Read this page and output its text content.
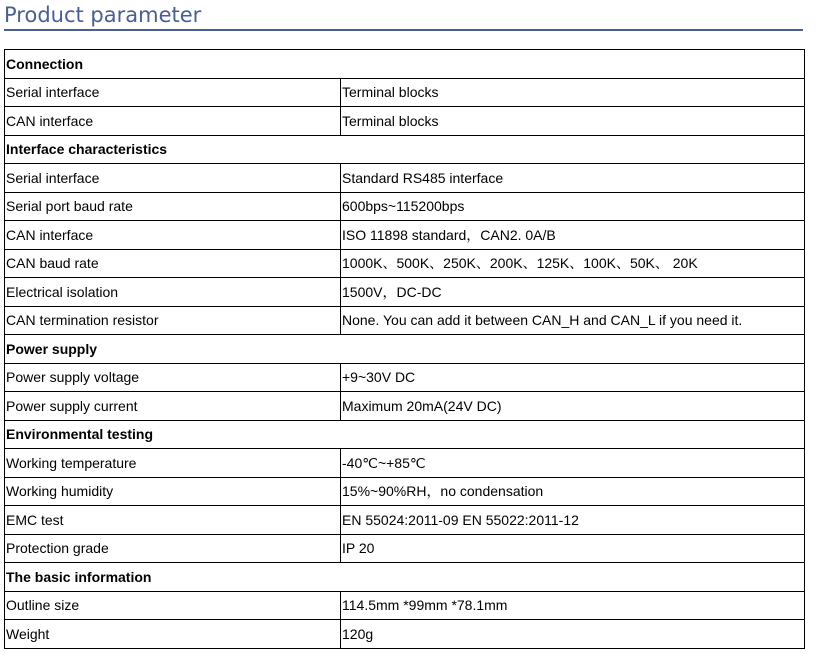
Product parameter
Connection	
Serial interface	Terminal blocks
CAN interface	Terminal blocks
Interface characteristics	
Serial interface	Standard RS485 interface
Serial port baud rate	600bps~115200bps
CAN interface	ISO 11898 standard，CAN2. 0A/B
CAN baud rate	1000K、500K、250K、200K、125K、100K、50K、 20K
Electrical isolation	1500V，DC-DC
CAN termination resistor	None. You can add it between CAN_H and CAN_L if you need it.
Power supply	
Power supply voltage	+9~30V DC
Power supply current	Maximum 20mA(24V DC)
Environmental testing	
Working temperature	-40℃~+85℃
Working humidity	15%~90%RH，no condensation
EMC test	EN 55024:2011-09 EN 55022:2011-12
Protection grade	IP 20
The basic information	
Outline size	114.5mm *99mm *78.1mm
Weight	120g
